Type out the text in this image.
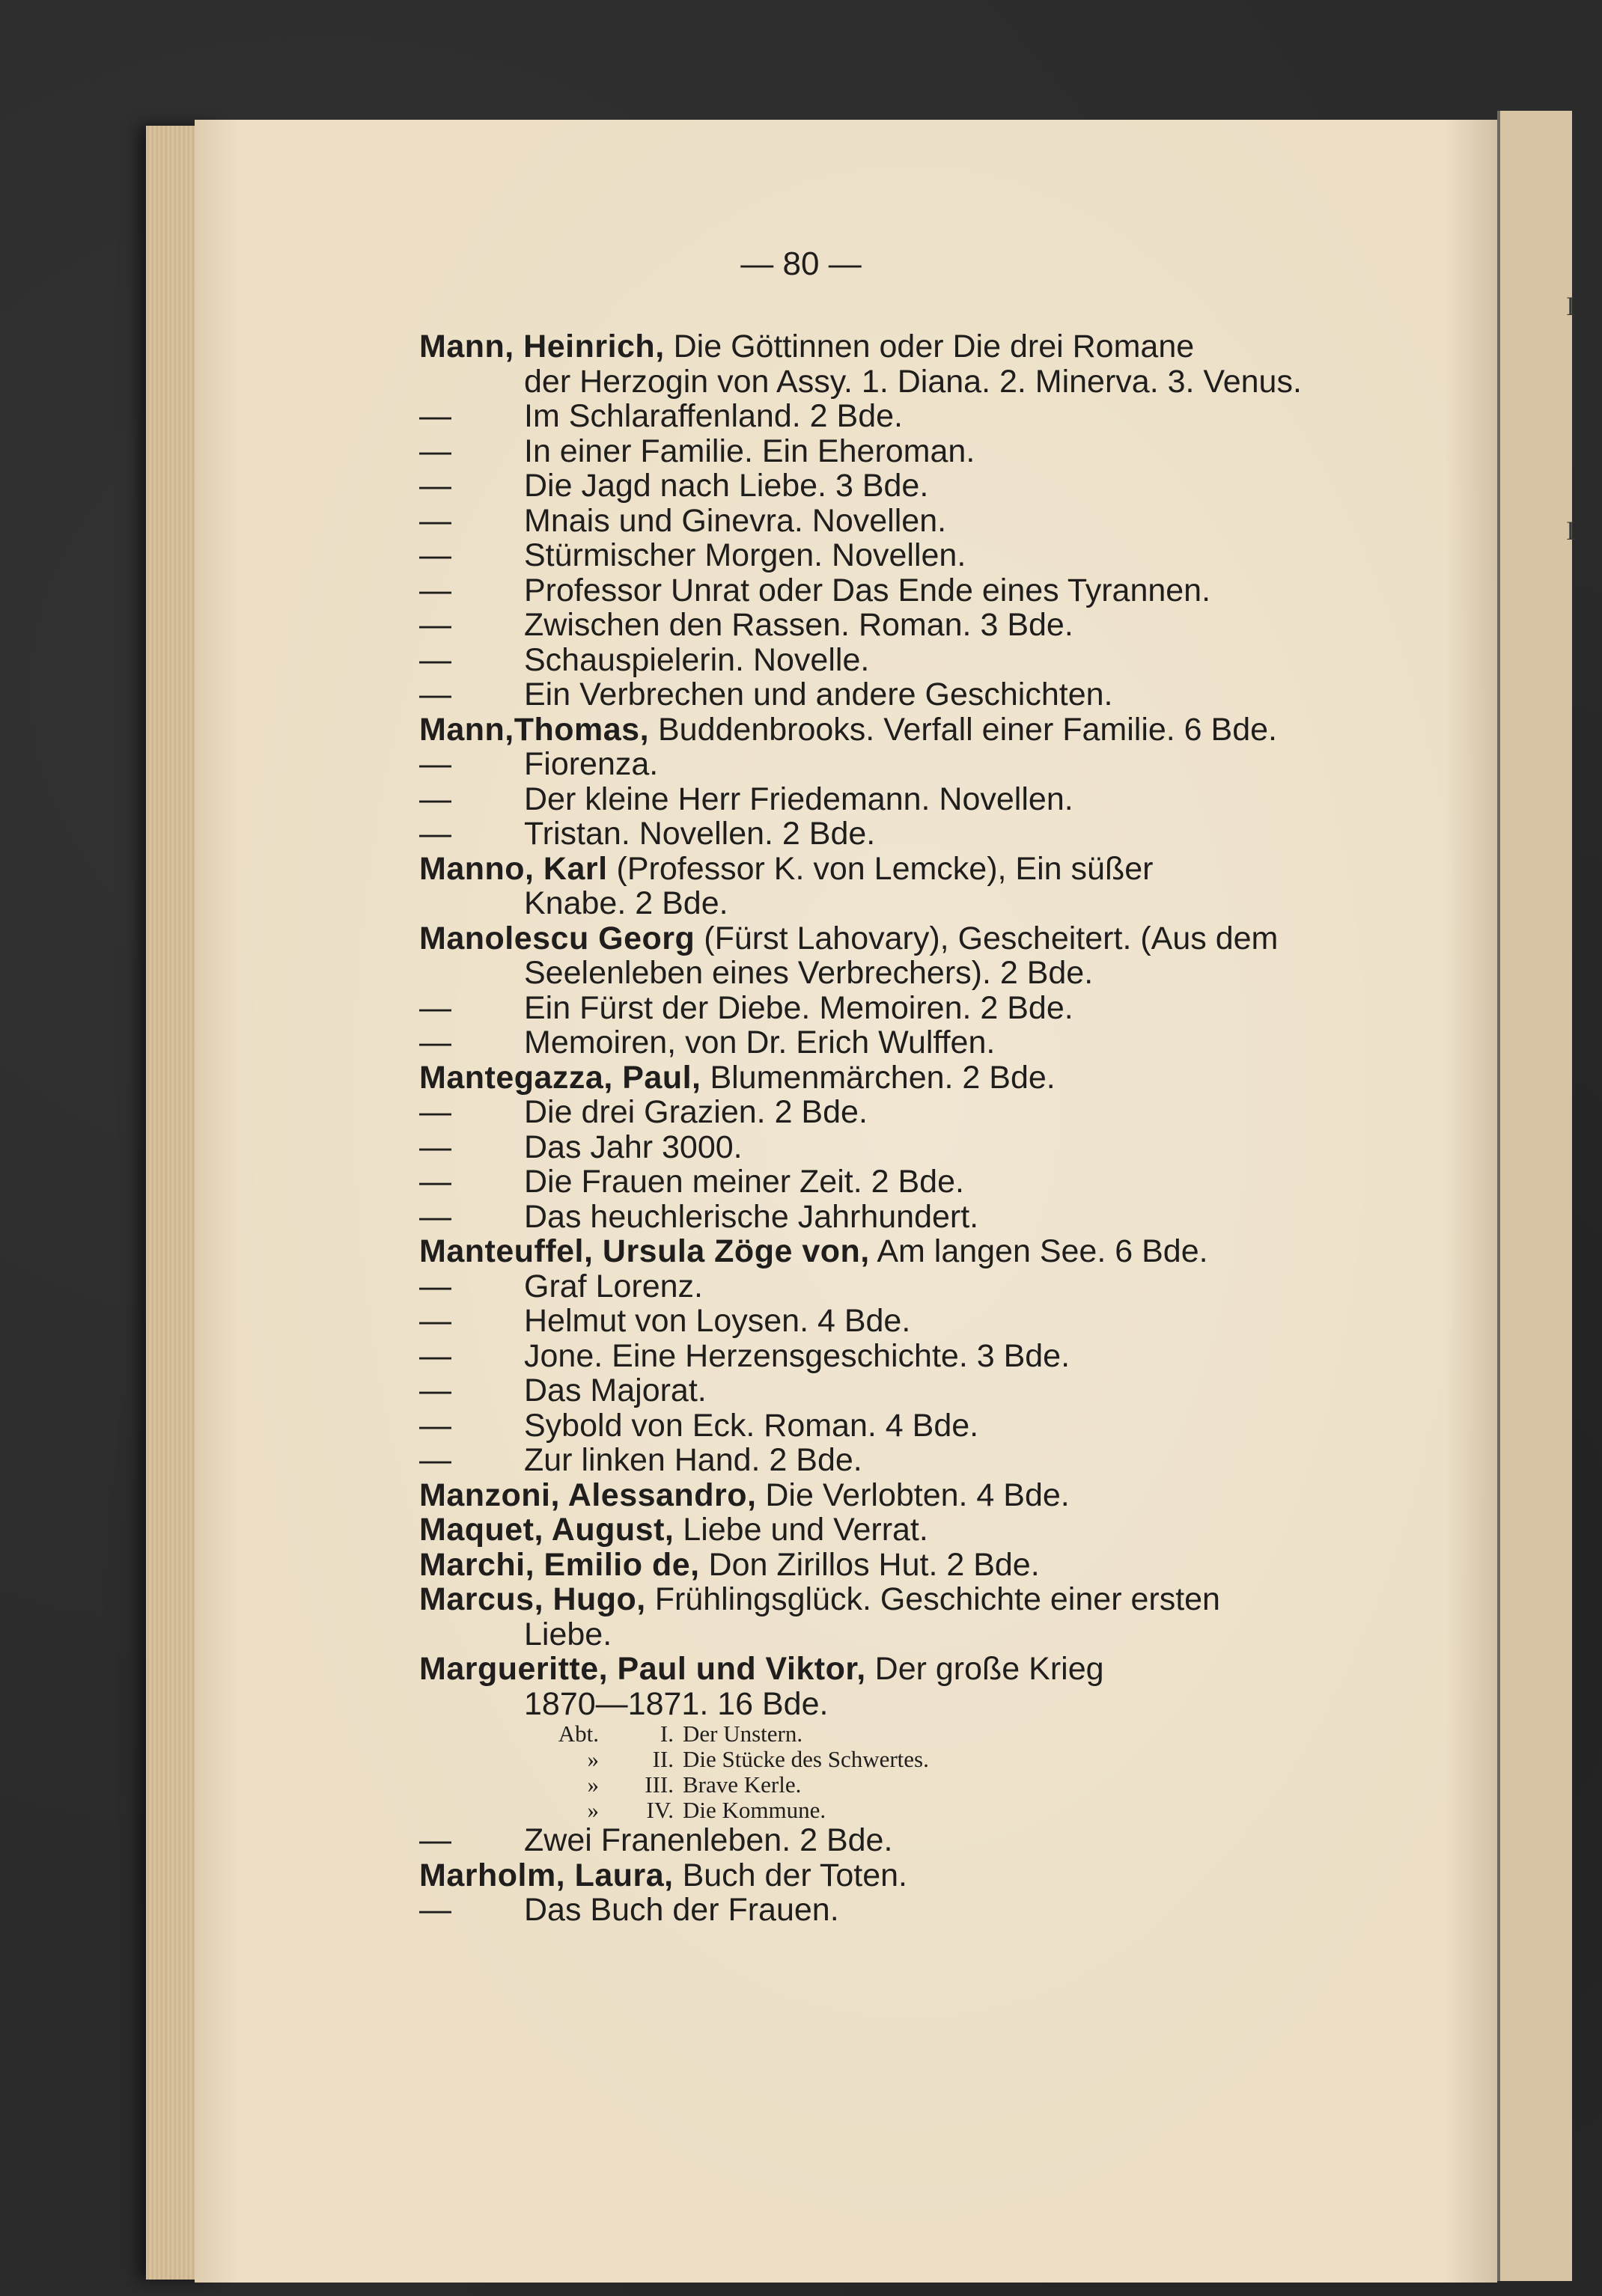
I
I
— 80 —
Mann, Heinrich, Die Göttinnen oder Die drei Romane
der Herzogin von Assy. 1. Diana. 2. Minerva. 3. Venus.
— Im Schlaraffenland. 2 Bde.
— In einer Familie. Ein Eheroman.
— Die Jagd nach Liebe. 3 Bde.
— Mnais und Ginevra. Novellen.
— Stürmischer Morgen. Novellen.
— Professor Unrat oder Das Ende eines Tyrannen.
— Zwischen den Rassen. Roman. 3 Bde.
— Schauspielerin. Novelle.
— Ein Verbrechen und andere Geschichten.
Mann,Thomas, Buddenbrooks. Verfall einer Familie. 6 Bde.
— Fiorenza.
— Der kleine Herr Friedemann. Novellen.
— Tristan. Novellen. 2 Bde.
Manno, Karl (Professor K. von Lemcke), Ein süßer
Knabe. 2 Bde.
Manolescu Georg (Fürst Lahovary), Gescheitert. (Aus dem
Seelenleben eines Verbrechers). 2 Bde.
— Ein Fürst der Diebe. Memoiren. 2 Bde.
— Memoiren, von Dr. Erich Wulffen.
Mantegazza, Paul, Blumenmärchen. 2 Bde.
— Die drei Grazien. 2 Bde.
— Das Jahr 3000.
— Die Frauen meiner Zeit. 2 Bde.
— Das heuchlerische Jahrhundert.
Manteuffel, Ursula Zöge von, Am langen See. 6 Bde.
— Graf Lorenz.
— Helmut von Loysen. 4 Bde.
— Jone. Eine Herzensgeschichte. 3 Bde.
— Das Majorat.
— Sybold von Eck. Roman. 4 Bde.
— Zur linken Hand. 2 Bde.
Manzoni, Alessandro, Die Verlobten. 4 Bde.
Maquet, August, Liebe und Verrat.
Marchi, Emilio de, Don Zirillos Hut. 2 Bde.
Marcus, Hugo, Frühlingsglück. Geschichte einer ersten
Liebe.
Margueritte, Paul und Viktor, Der große Krieg
1870—1871. 16 Bde.
Abt.	I. Der Unstern.
» II. Die Stücke des Schwertes.
» III. Brave Kerle.
» IV. Die Kommune.
— Zwei Franenleben. 2 Bde.
Marholm, Laura, Buch der Toten.
— Das Buch der Frauen.
